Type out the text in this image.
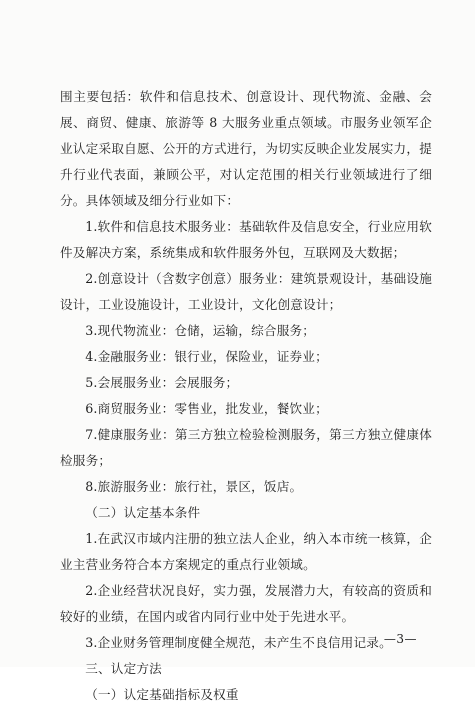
围主要包括：软件和信息技术、创意设计、现代物流、金融、会展、商贸、健康、旅游等 8 大服务业重点领域。市服务业领军企业认定采取自愿、公开的方式进行，为切实反映企业发展实力，提升行业代表面，兼顾公平，对认定范围的相关行业领域进行了细分。具体领域及细分行业如下：

1.软件和信息技术服务业：基础软件及信息安全，行业应用软件及解决方案，系统集成和软件服务外包，互联网及大数据；

2.创意设计（含数字创意）服务业：建筑景观设计，基础设施设计，工业设施设计，工业设计，文化创意设计；

3.现代物流业：仓储，运输，综合服务；

4.金融服务业：银行业，保险业，证券业；

5.会展服务业：会展服务；

6.商贸服务业：零售业，批发业，餐饮业；

7.健康服务业：第三方独立检验检测服务，第三方独立健康体检服务；

8.旅游服务业：旅行社，景区，饭店。

（二）认定基本条件

1.在武汉市域内注册的独立法人企业，纳入本市统一核算，企业主营业务符合本方案规定的重点行业领域。

2.企业经营状况良好，实力强，发展潜力大，有较高的资质和较好的业绩，在国内或省内同行业中处于先进水平。

3.企业财务管理制度健全规范，未产生不良信用记录。

三、认定方法

（一）认定基础指标及权重

—3—
